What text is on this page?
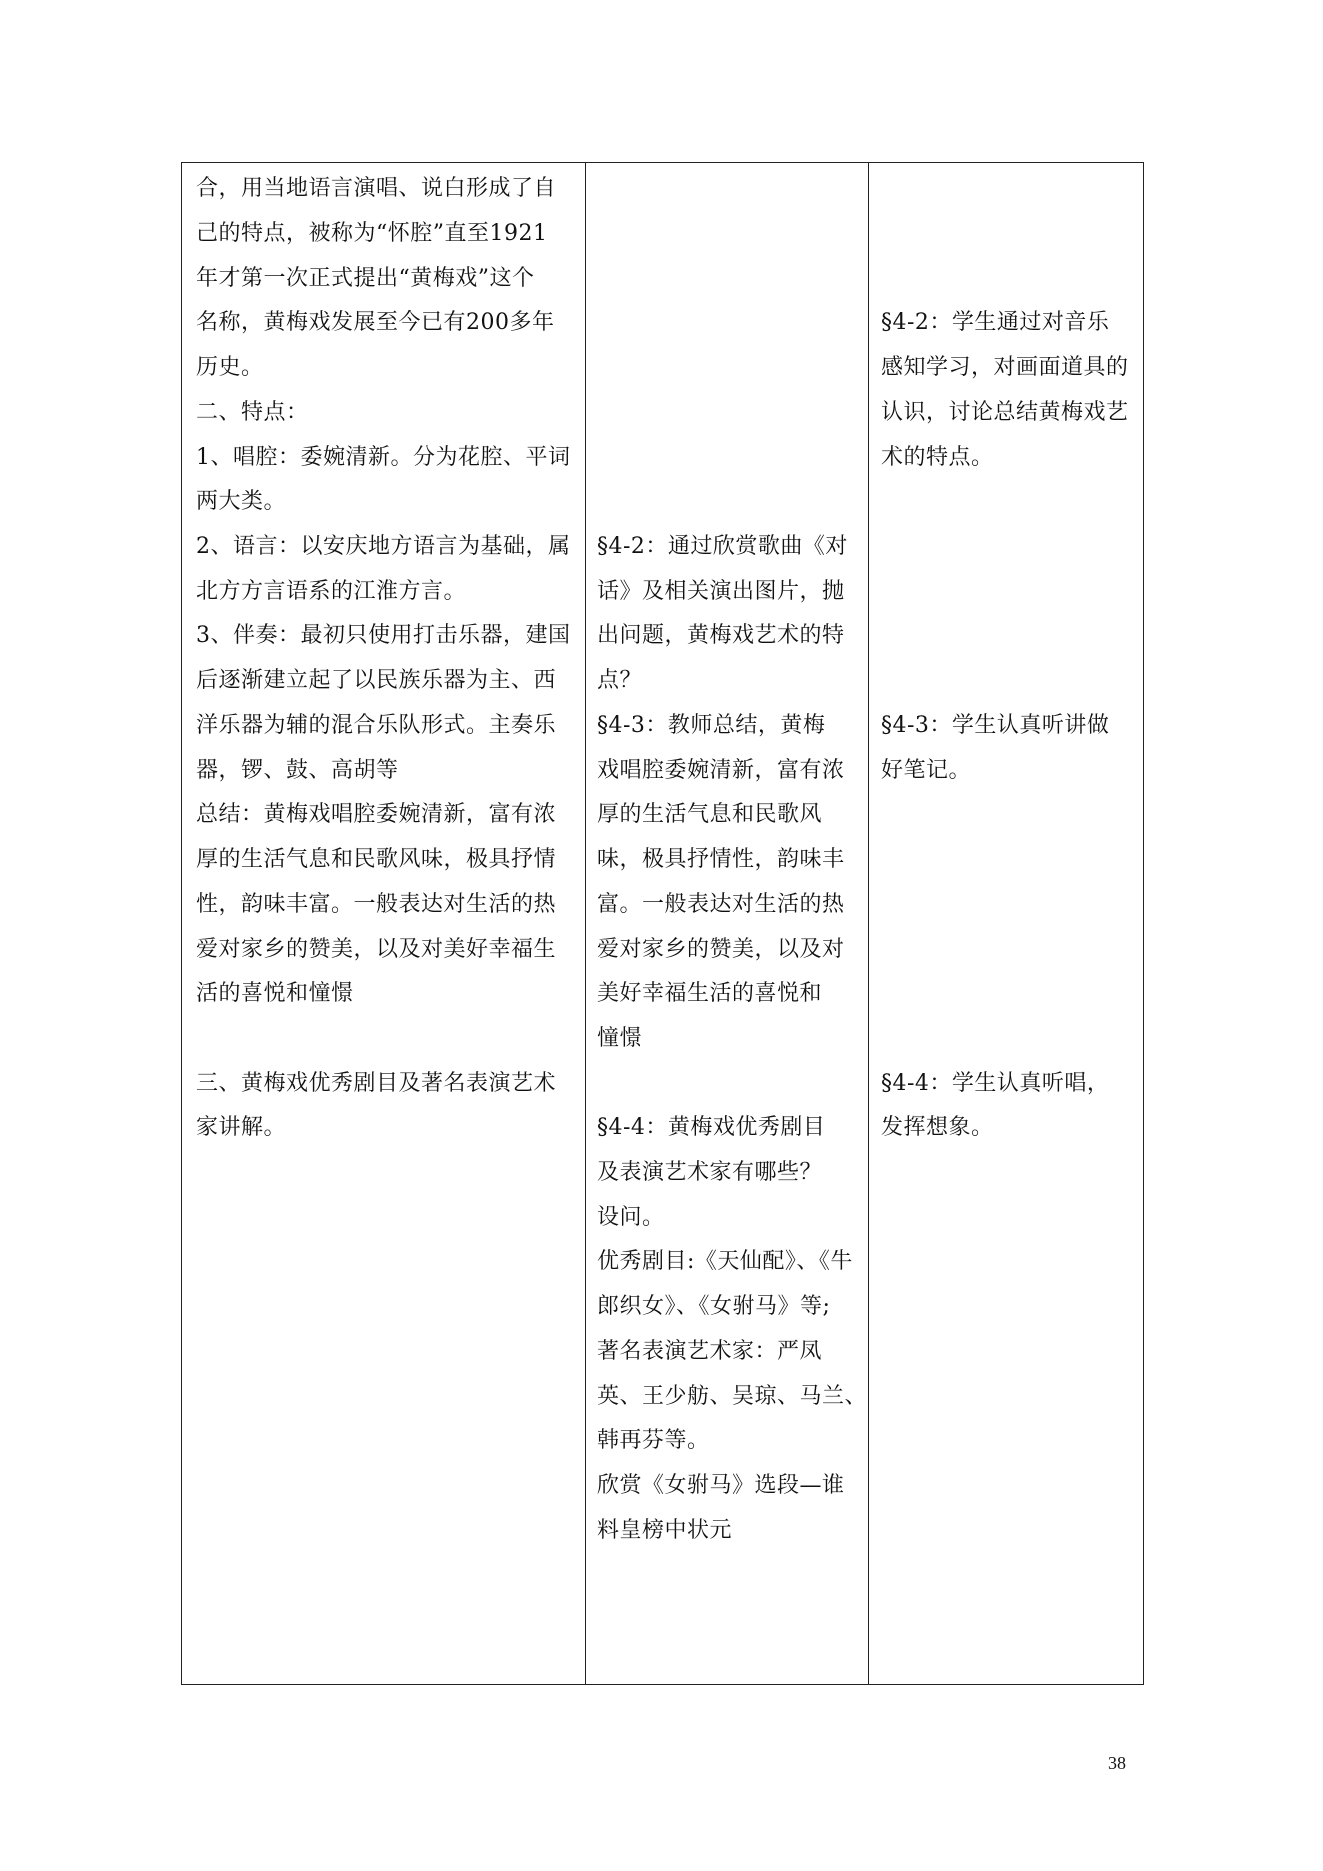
合，用当地语言演唱、说白形成了自

己的特点，被称为“怀腔”直至1921

年才第一次正式提出“黄梅戏”这个

名称，黄梅戏发展至今已有200多年

历史。

二、特点：

1、唱腔：委婉清新。分为花腔、平词

两大类。

2、语言：以安庆地方语言为基础，属

北方方言语系的江淮方言。

3、伴奏：最初只使用打击乐器，建国

后逐渐建立起了以民族乐器为主、西

洋乐器为辅的混合乐队形式。主奏乐

器，锣、鼓、高胡等

总结：黄梅戏唱腔委婉清新，富有浓

厚的生活气息和民歌风味，极具抒情

性，韵味丰富。一般表达对生活的热

爱对家乡的赞美，以及对美好幸福生

活的喜悦和憧憬

三、黄梅戏优秀剧目及著名表演艺术

家讲解。

§4-2：通过欣赏歌曲《对

话》及相关演出图片，抛

出问题，黄梅戏艺术的特

点？

§4-3：教师总结，黄梅

戏唱腔委婉清新，富有浓

厚的生活气息和民歌风

味，极具抒情性，韵味丰

富。一般表达对生活的热

爱对家乡的赞美，以及对

美好幸福生活的喜悦和

憧憬

§4-4：黄梅戏优秀剧目

及表演艺术家有哪些？

设问。

优秀剧目:《天仙配》、《牛

郎织女》、《女驸马》等;

著名表演艺术家：严凤

英、王少舫、吴琼、马兰、

韩再芬等。

欣赏《女驸马》选段—谁

料皇榜中状元

§4-2：学生通过对音乐

感知学习，对画面道具的

认识，讨论总结黄梅戏艺

术的特点。

§4-3：学生认真听讲做

好笔记。

§4-4：学生认真听唱，

发挥想象。

38
